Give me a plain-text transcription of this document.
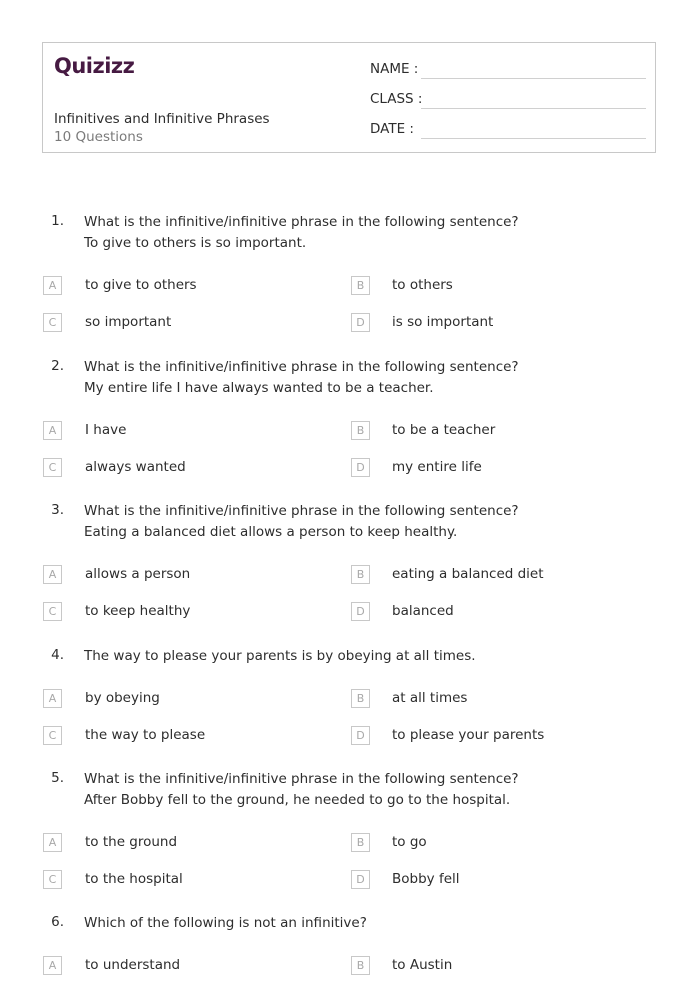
Quizizz
Infinitives and Infinitive Phrases
10 Questions
NAME :
CLASS :
DATE :
1. What is the infinitive/infinitive phrase in the following sentence?
To give to others is so important.
A	to give to others	B	to others
C	so important	D	is so important
2. What is the infinitive/infinitive phrase in the following sentence?
My entire life I have always wanted to be a teacher.
A	I have	B	to be a teacher
C	always wanted	D	my entire life
3. What is the infinitive/infinitive phrase in the following sentence?
Eating a balanced diet allows a person to keep healthy.
A	allows a person	B	eating a balanced diet
C	to keep healthy	D	balanced
4. The way to please your parents is by obeying at all times.
A	by obeying	B	at all times
C	the way to please	D	to please your parents
5. What is the infinitive/infinitive phrase in the following sentence?
After Bobby fell to the ground, he needed to go to the hospital.
A	to the ground	B	to go
C	to the hospital	D	Bobby fell
6. Which of the following is not an infinitive?
A	to understand	B	to Austin
